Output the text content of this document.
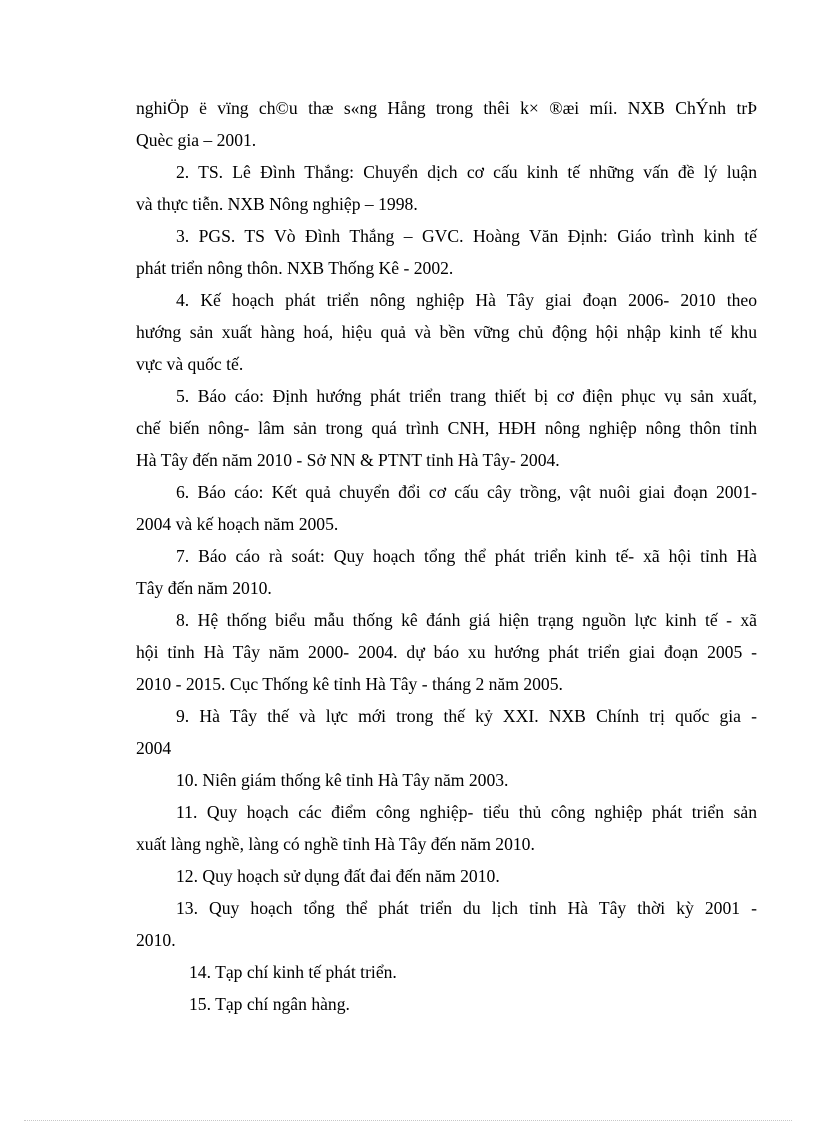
nghiÖp ë vïng ch©u thæ s«ng Hång trong thêi k× ®æi míi. NXB ChÝnh trÞ
Quèc gia – 2001.
2. TS. Lê Đình Thắng: Chuyển dịch cơ cấu kinh tế những vấn đề lý luận
và thực tiễn. NXB Nông nghiệp – 1998.
3. PGS. TS Vò Đình Thắng – GVC. Hoàng Văn Định: Giáo trình kinh tế
phát triển nông thôn. NXB Thống Kê - 2002.
4. Kế hoạch phát triển nông nghiệp Hà Tây giai đoạn 2006- 2010 theo
hướng sản xuất hàng hoá, hiệu quả và bền vững chủ động hội nhập kinh tế khu
vực và quốc tế.
5. Báo cáo: Định hướng phát triển trang thiết bị cơ điện phục vụ sản xuất,
chế biến nông- lâm sản trong quá trình CNH, HĐH nông nghiệp nông thôn tỉnh
Hà Tây đến năm 2010 - Sở NN & PTNT tỉnh Hà Tây- 2004.
6. Báo cáo: Kết quả chuyển đổi cơ cấu cây trồng, vật nuôi giai đoạn 2001-
2004 và kế hoạch năm 2005.
7. Báo cáo rà soát: Quy hoạch tổng thể phát triển kinh tế- xã hội tỉnh Hà
Tây đến năm 2010.
8. Hệ thống biểu mẫu thống kê đánh giá hiện trạng nguồn lực kinh tế - xã
hội tỉnh Hà Tây năm 2000- 2004. dự báo xu hướng phát triển giai đoạn 2005 -
2010 - 2015. Cục Thống kê tỉnh Hà Tây - tháng 2 năm 2005.
9. Hà Tây thế và lực mới trong thế kỷ XXI. NXB Chính trị quốc gia -
2004
10. Niên giám thống kê tỉnh Hà Tây năm 2003.
11. Quy hoạch các điểm công nghiệp- tiểu thủ công nghiệp phát triển sản
xuất làng nghề, làng có nghề tỉnh Hà Tây đến năm 2010.
12. Quy hoạch sử dụng đất đai đến năm 2010.
13. Quy hoạch tổng thể phát triển du lịch tỉnh Hà Tây thời kỳ 2001 -
2010.
14. Tạp chí kinh tế phát triển.
15. Tạp chí ngân hàng.
